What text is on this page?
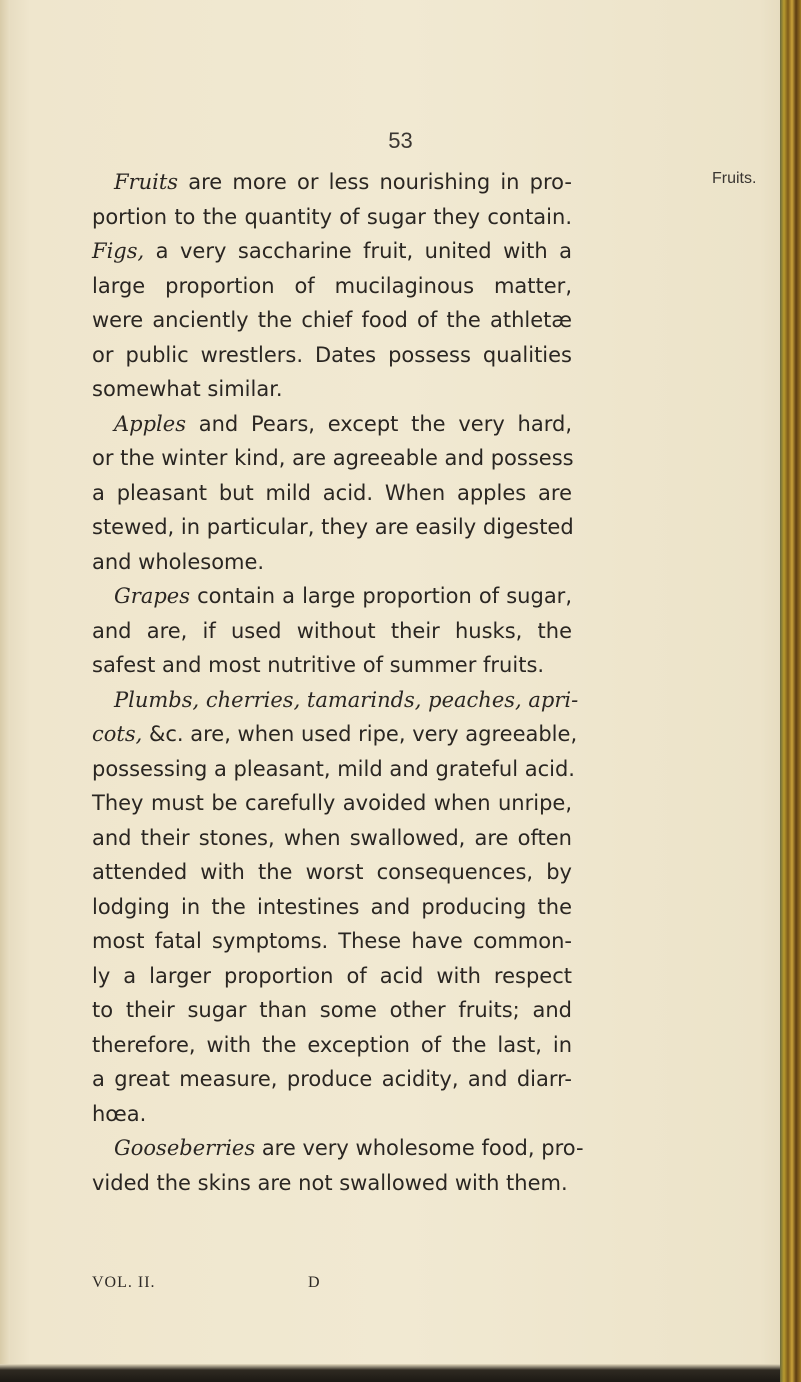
53
Fruits.
Fruits are more or less nourishing in pro-
portion to the quantity of sugar they contain.
Figs, a very saccharine fruit, united with a
large proportion of mucilaginous matter,
were anciently the chief food of the athletæ
or public wrestlers. Dates possess qualities
somewhat similar.
Apples and Pears, except the very hard,
or the winter kind, are agreeable and possess
a pleasant but mild acid. When apples are
stewed, in particular, they are easily digested
and wholesome.
Grapes contain a large proportion of sugar,
and are, if used without their husks, the
safest and most nutritive of summer fruits.
Plumbs, cherries, tamarinds, peaches, apri-
cots, &c. are, when used ripe, very agreeable,
possessing a pleasant, mild and grateful acid.
They must be carefully avoided when unripe,
and their stones, when swallowed, are often
attended with the worst consequences, by
lodging in the intestines and producing the
most fatal symptoms. These have common-
ly a larger proportion of acid with respect
to their sugar than some other fruits; and
therefore, with the exception of the last, in
a great measure, produce acidity, and diarr-
hœa.
Gooseberries are very wholesome food, pro-
vided the skins are not swallowed with them.
VOL. II.	D
